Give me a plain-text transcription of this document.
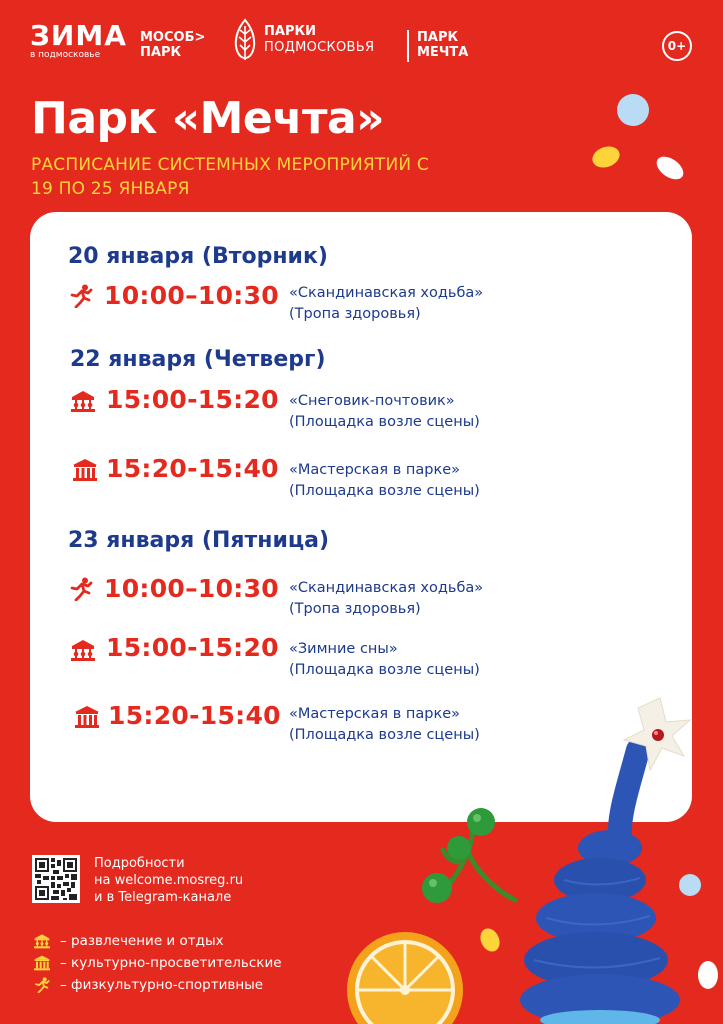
ЗИМА
в подмосковье
МОСОБ>
ПАРК
ПАРКИ
ПОДМОСКОВЬЯ
ПАРК
МЕЧТА	0+
Парк «Мечта»
РАСПИСАНИЕ СИСТЕМНЫХ МЕРОПРИЯТИЙ С 19 ПО 25 ЯНВАРЯ
20 января (Вторник)
10:00–10:30 «Скандинавская ходьба»
(Тропа здоровья)
22 января (Четверг)
15:00-15:20 «Снеговик-почтовик»
(Площадка возле сцены)
15:20-15:40 «Мастерская в парке»
(Площадка возле сцены)
23 января (Пятница)
10:00–10:30 «Скандинавская ходьба»
(Тропа здоровья)
15:00-15:20 «Зимние сны»
(Площадка возле сцены)
15:20-15:40 «Мастерская в парке»
(Площадка возле сцены)
Подробности
на welcome.mosreg.ru
и в Telegram-канале
– развлечение и отдых
– культурно-просветительские
– физкультурно-спортивные
